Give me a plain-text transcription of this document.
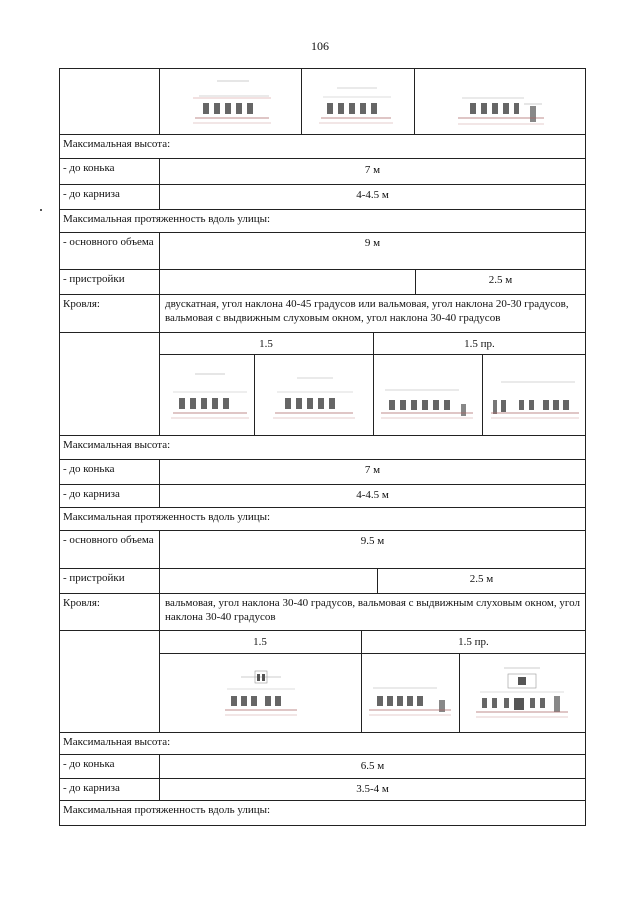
106
Максимальная высота:
- до конька	7 м
- до карниза	4-4.5 м
Максимальная протяженность вдоль улицы:
- основного объема	9 м
- пристройки	2.5 м
Кровля:	двускатная, угол наклона 40-45 градусов или вальмовая, угол наклона 20-30 градусов, вальмовая с выдвижным слуховым окном, угол наклона 30-40 градусов
1.5	1.5 пр.
Максимальная высота:
- до конька	7 м
- до карниза	4-4.5 м
Максимальная протяженность вдоль улицы:
- основного объема	9.5 м
- пристройки	2.5 м
Кровля:	вальмовая, угол наклона 30-40 градусов, вальмовая с выдвижным слуховым окном, угол наклона 30-40 градусов
1.5	1.5 пр.
Максимальная высота:
- до конька	6.5 м
- до карниза	3.5-4 м
Максимальная протяженность вдоль улицы:
